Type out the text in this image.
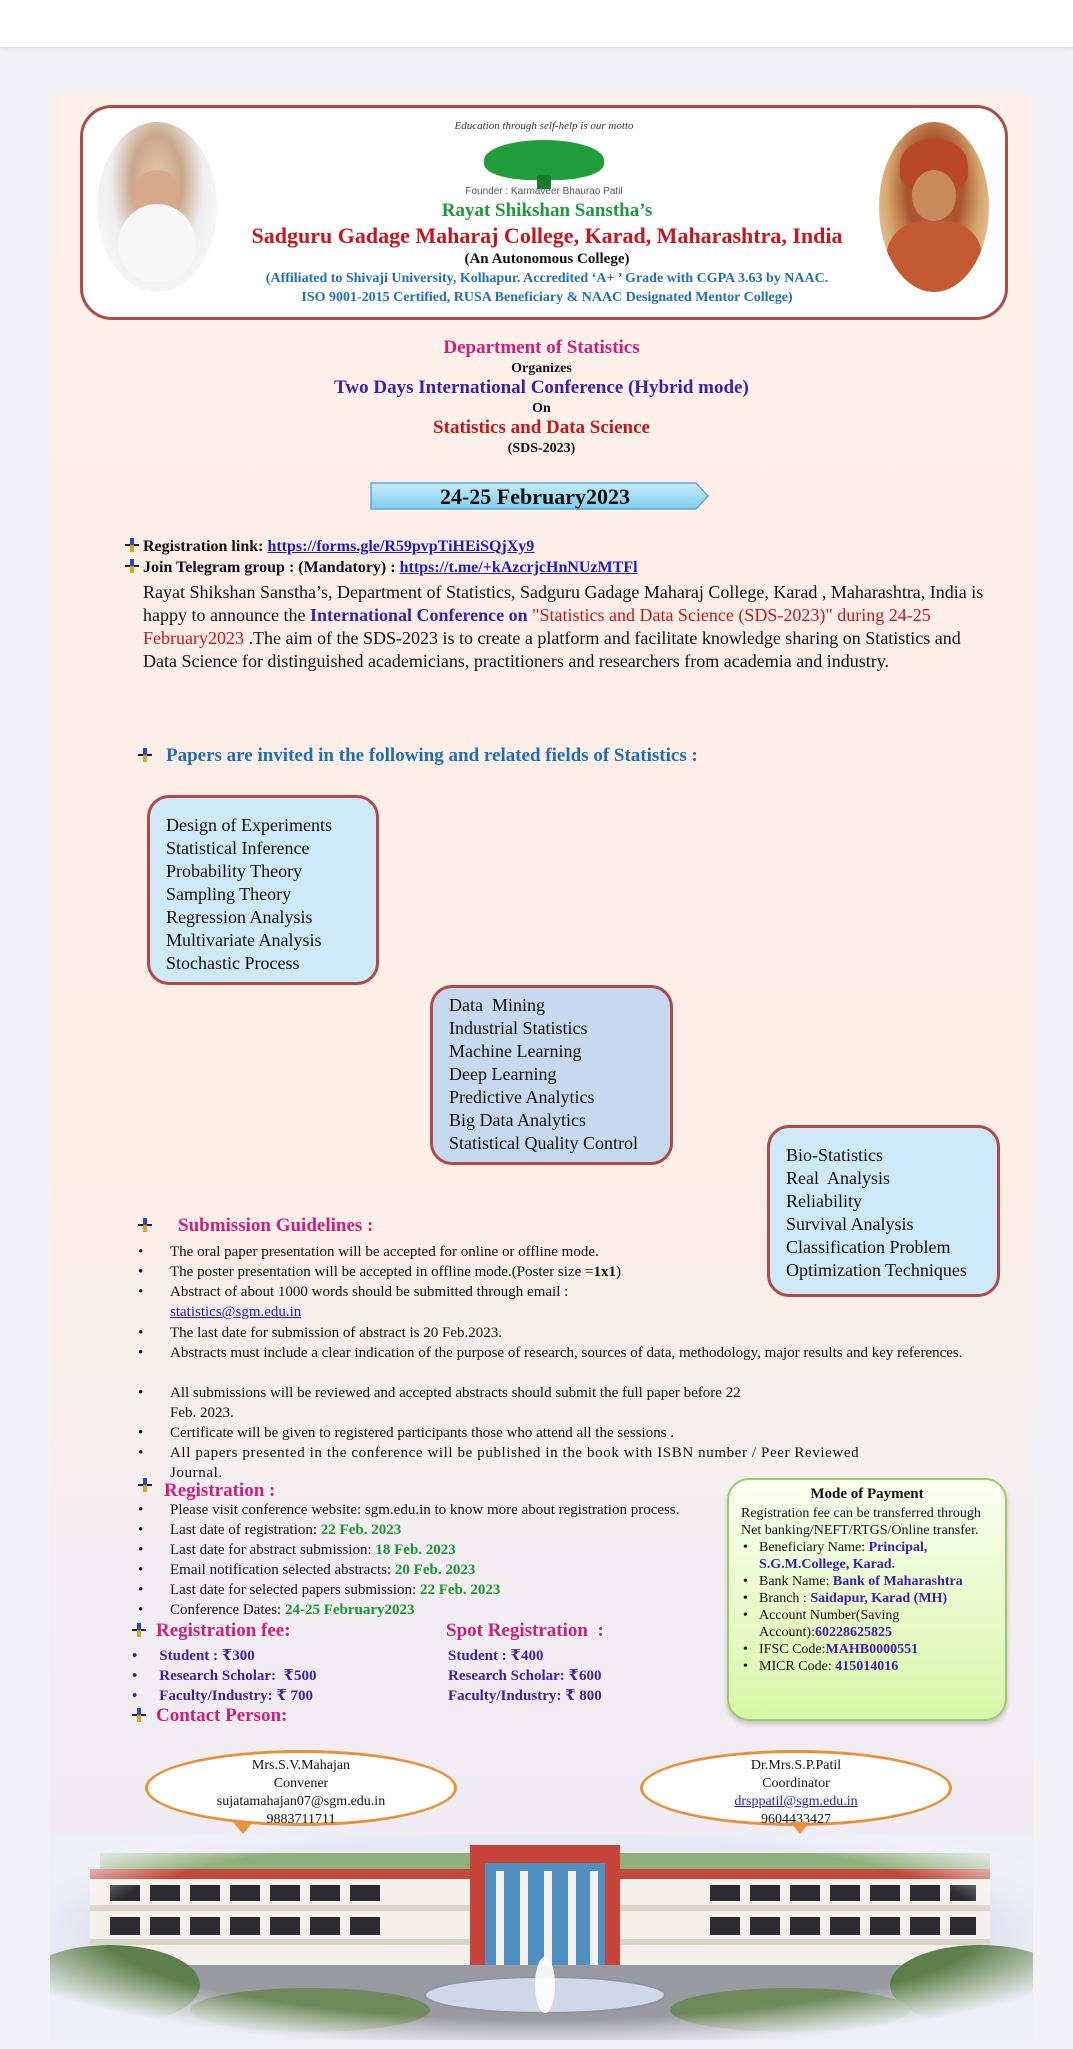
Education through self-help is our motto
Founder : Karmaveer Bhaurao Patil
Rayat Shikshan Sanstha’s
Sadguru Gadage Maharaj College, Karad, Maharashtra, India
(An Autonomous College)
(Affiliated to Shivaji University, Kolhapur. Accredited ‘A+ ’ Grade with CGPA 3.63 by NAAC.
ISO 9001-2015 Certified, RUSA Beneficiary & NAAC Designated Mentor College)
Department of Statistics
Organizes
Two Days International Conference (Hybrid mode)
On
Statistics and Data Science
(SDS-2023)
24-25 February2023
Registration link: https://forms.gle/R59pvpTiHEiSQjXy9
Join Telegram group : (Mandatory) : https://t.me/+kAzcrjcHnNUzMTFl
Rayat Shikshan Sanstha’s, Department of Statistics, Sadguru Gadage Maharaj College, Karad , Maharashtra, India is happy to announce the International Conference on "Statistics and Data Science (SDS-2023)" during 24-25 February2023 .The aim of the SDS-2023 is to create a platform and facilitate knowledge sharing on Statistics and Data Science for distinguished academicians, practitioners and researchers from academia and industry.
Papers are invited in the following and related fields of Statistics :
Design of Experiments
Statistical Inference
Probability Theory
Sampling Theory
Regression Analysis
Multivariate Analysis
Stochastic Process
Data  Mining
Industrial Statistics
Machine Learning
Deep Learning
Predictive Analytics
Big Data Analytics
Statistical Quality Control
Bio-Statistics
Real  Analysis
Reliability
Survival Analysis
Classification Problem
Optimization Techniques
Submission Guidelines :
• The oral paper presentation will be accepted for online or offline mode.
• The poster presentation will be accepted in offline mode.(Poster size =1x1)
• Abstract of about 1000 words should be submitted through email :
statistics@sgm.edu.in
• The last date for submission of abstract is 20 Feb.2023.
• Abstracts must include a clear indication of the purpose of research, sources of data, methodology, major results and key references.
• All submissions will be reviewed and accepted abstracts should submit the full paper before 22
Feb. 2023.
• Certificate will be given to registered participants those who attend all the sessions .
• All papers presented in the conference will be published in the book with ISBN number / Peer Reviewed Journal.
Registration :
• Please visit conference website: sgm.edu.in to know more about registration process.
• Last date of registration: 22 Feb. 2023
• Last date for abstract submission: 18 Feb. 2023
• Email notification selected abstracts: 20 Feb. 2023
• Last date for selected papers submission: 22 Feb. 2023
• Conference Dates: 24-25 February2023
Registration fee:
• Student : ₹300
• Research Scholar:  ₹500
• Faculty/Industry: ₹ 700
Spot Registration  :
Student : ₹400
Research Scholar: ₹600
Faculty/Industry: ₹ 800
Mode of Payment
Registration fee can be transferred through Net banking/NEFT/RTGS/Online transfer.
• Beneficiary Name: Principal, S.G.M.College, Karad.
• Bank Name: Bank of Maharashtra
• Branch : Saidapur, Karad (MH)
• Account Number(Saving Account):60228625825
• IFSC Code:MAHB0000551
• MICR Code: 415014016
Contact Person:
Mrs.S.V.Mahajan
Convener
sujatamahajan07@sgm.edu.in
9883711711
Dr.Mrs.S.P.Patil
Coordinator
drsppatil@sgm.edu.in
9604433427
